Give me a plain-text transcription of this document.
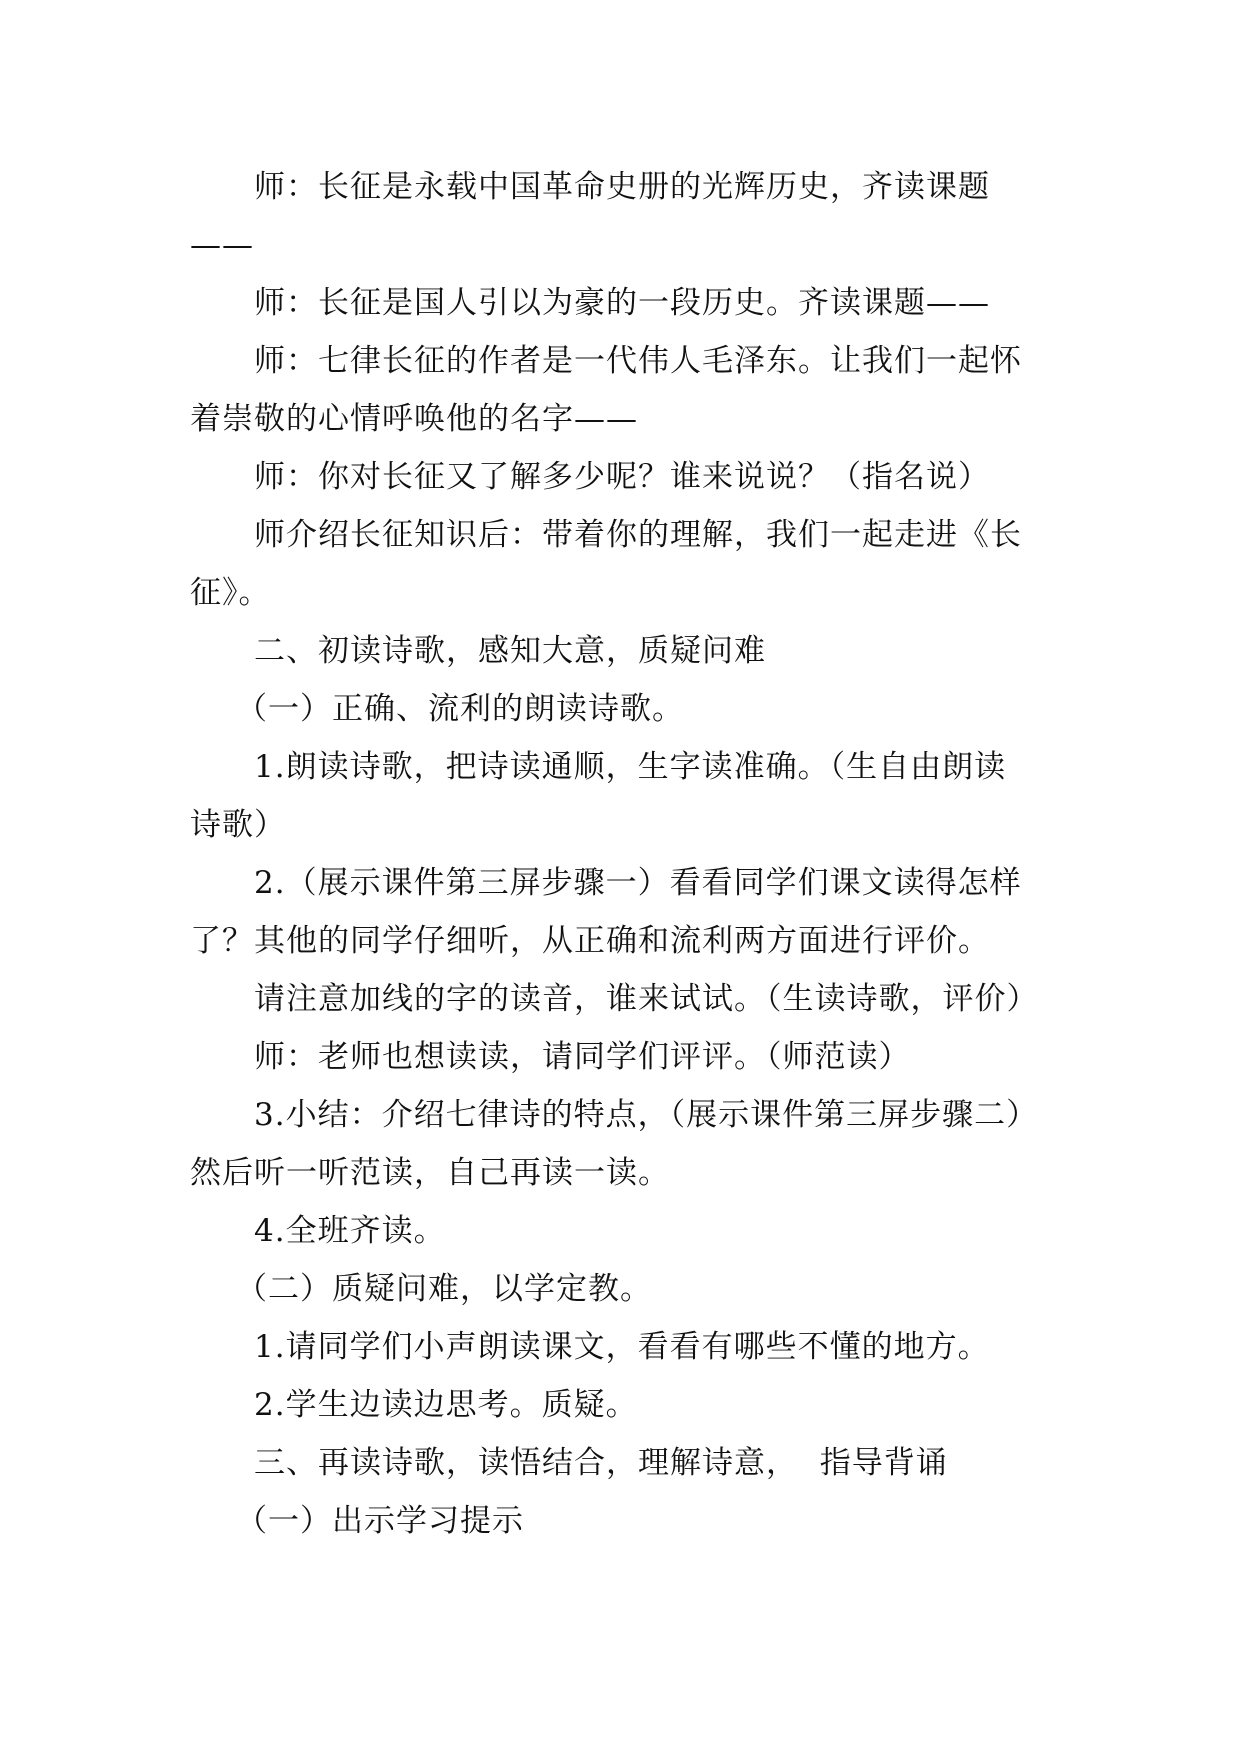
师：长征是永载中国革命史册的光辉历史，齐读课题

——

师：长征是国人引以为豪的一段历史。齐读课题——

师：七律长征的作者是一代伟人毛泽东。让我们一起怀

着崇敬的心情呼唤他的名字——

师：你对长征又了解多少呢？谁来说说？（指名说）

师介绍长征知识后：带着你的理解，我们一起走进《长

征》。

二、初读诗歌，感知大意，质疑问难

（一）正确、流利的朗读诗歌。

1.朗读诗歌，把诗读通顺，生字读准确。（生自由朗读

诗歌）

2.（展示课件第三屏步骤一）看看同学们课文读得怎样

了？其他的同学仔细听，从正确和流利两方面进行评价。

请注意加线的字的读音，谁来试试。（生读诗歌，评价）

师：老师也想读读，请同学们评评。（师范读）

3.小结：介绍七律诗的特点，（展示课件第三屏步骤二）

然后听一听范读，自己再读一读。

4.全班齐读。

（二）质疑问难，以学定教。

1.请同学们小声朗读课文，看看有哪些不懂的地方。

2.学生边读边思考。质疑。

三、再读诗歌，读悟结合，理解诗意，  指导背诵

（一）出示学习提示
